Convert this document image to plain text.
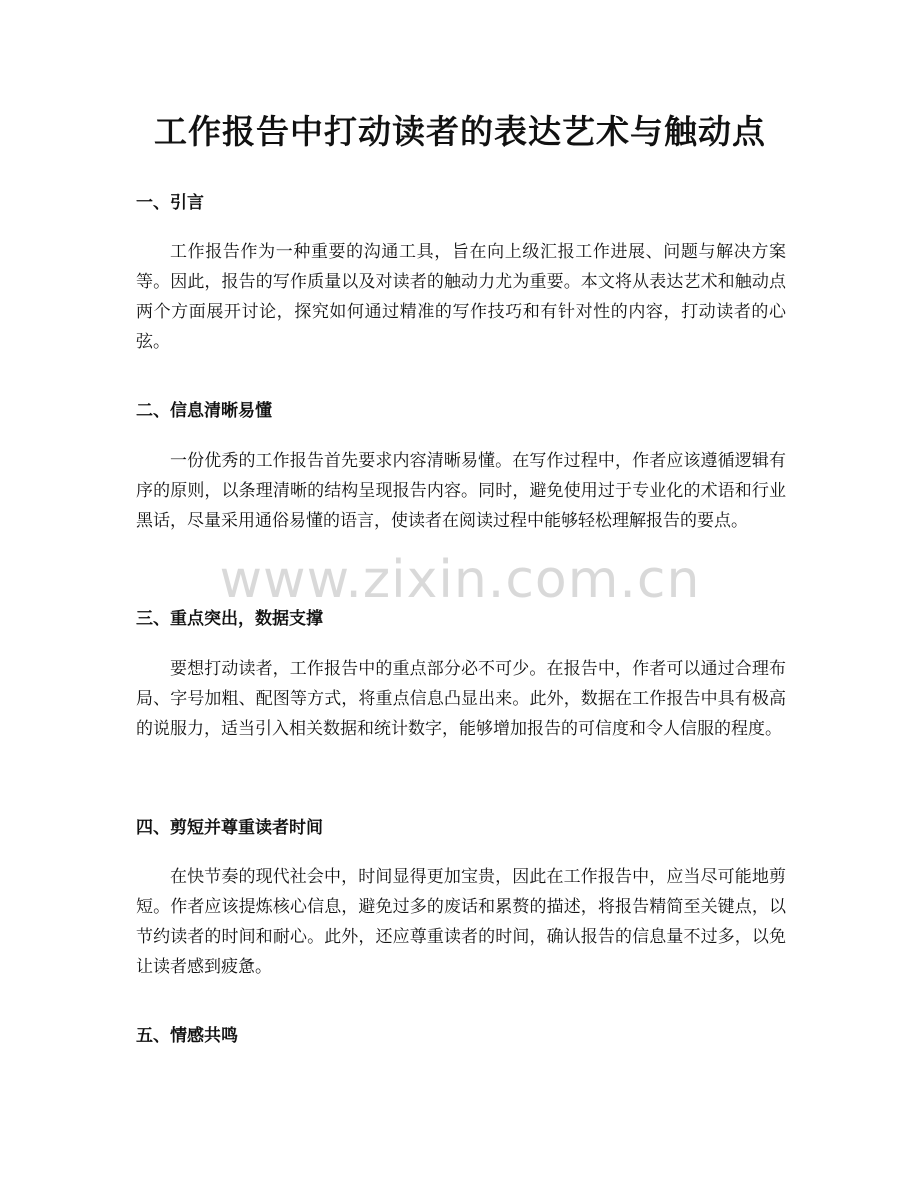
工作报告中打动读者的表达艺术与触动点
一、引言

工作报告作为一种重要的沟通工具，旨在向上级汇报工作进展、问题与解决方案等。因此，报告的写作质量以及对读者的触动力尤为重要。本文将从表达艺术和触动点两个方面展开讨论，探究如何通过精准的写作技巧和有针对性的内容，打动读者的心弦。

二、信息清晰易懂

一份优秀的工作报告首先要求内容清晰易懂。在写作过程中，作者应该遵循逻辑有序的原则，以条理清晰的结构呈现报告内容。同时，避免使用过于专业化的术语和行业黑话，尽量采用通俗易懂的语言，使读者在阅读过程中能够轻松理解报告的要点。

三、重点突出，数据支撑

要想打动读者，工作报告中的重点部分必不可少。在报告中，作者可以通过合理布局、字号加粗、配图等方式，将重点信息凸显出来。此外，数据在工作报告中具有极高的说服力，适当引入相关数据和统计数字，能够增加报告的可信度和令人信服的程度。

四、剪短并尊重读者时间

在快节奏的现代社会中，时间显得更加宝贵，因此在工作报告中，应当尽可能地剪短。作者应该提炼核心信息，避免过多的废话和累赘的描述，将报告精简至关键点，以节约读者的时间和耐心。此外，还应尊重读者的时间，确认报告的信息量不过多，以免让读者感到疲惫。

五、情感共鸣
www.zixin.com.cn
